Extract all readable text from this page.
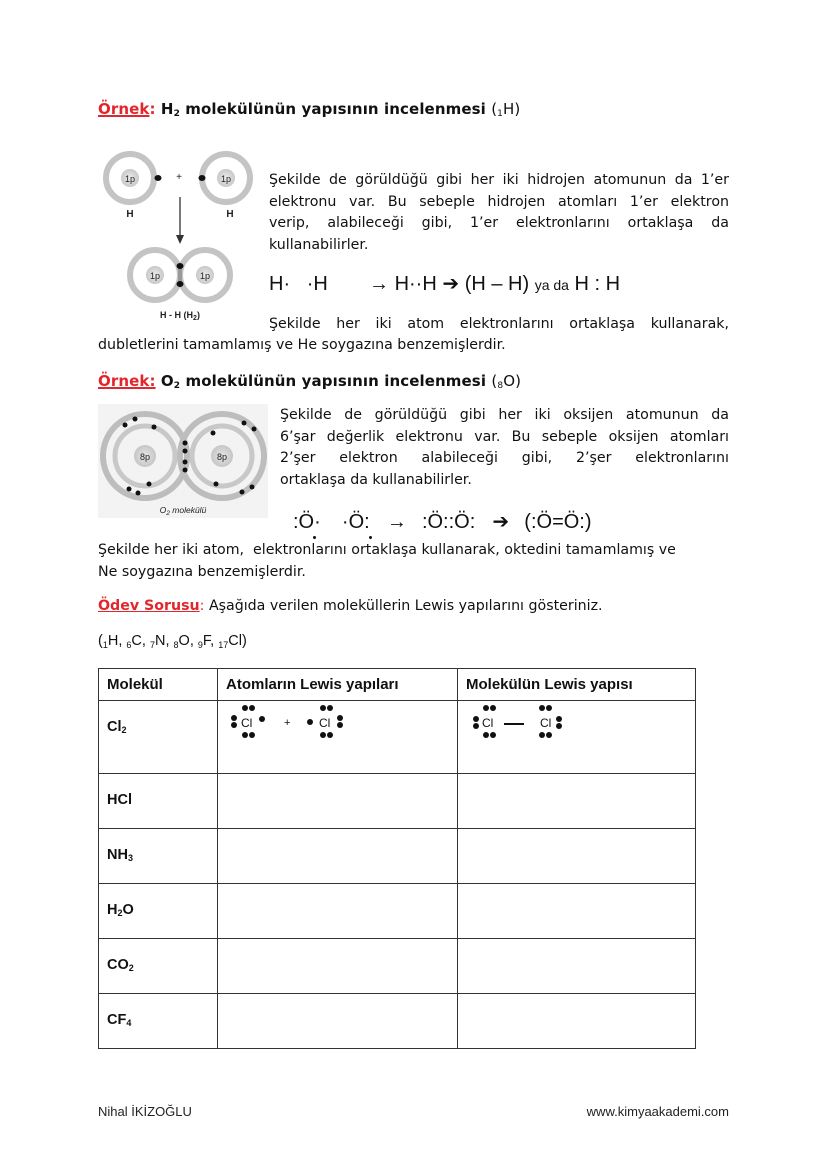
Örnek: $H_2$ molekülünün yapısının incelenmesi $(_1H)$
1p
H
+	1p
H
1p	1p
H - H $(H_2)$
Şekilde de görüldüğü gibi her iki hidrojen atomunun da 1’er
elektronu var. Bu sebeple hidrojen atomları 1’er elektron
verip, alabileceği gibi, 1’er elektronlarını ortaklaşa da
kullanabilirler.
H·   ·H → H··H ➔ (H – H) ya da H : H
Şekilde her iki atom elektronlarını ortaklaşa kullanarak,
dubletlerini tamamlamış ve He soygazına benzemişlerdir.
Örnek: $O_2$ molekülünün yapısının incelenmesi $(_8O)$
8p	8p
$O_2$ molekülü
Şekilde de görüldüğü gibi her iki oksijen atomunun da
6’şar değerlik elektronu var. Bu sebeple oksijen atomları
2’şer elektron alabileceği gibi, 2’şer elektronlarını
ortaklaşa da kullanabilirler.
:Ö· ·Ö: → :Ö::Ö: ➔ (:Ö=Ö:)
Şekilde her iki atom,  elektronlarını ortaklaşa kullanarak, oktedini tamamlamış ve
Ne soygazına benzemişlerdir.
Ödev Sorusu: Aşağıda verilen moleküllerin Lewis yapılarını gösteriniz.
($_1H$, $_6$C, $_7$N, $_8$O, $_9$F, $_{17}$Cl)
Molekül	Atomların Lewis yapıları	Molekülün Lewis yapısı
$Cl_2$	Cl + Cl	Cl Cl

HCl		
$NH_3$		
$H_2O$		
$CO_2$		
$CF_4$		
Nihal İKİZOĞLU	www.kimyaakademi.com
